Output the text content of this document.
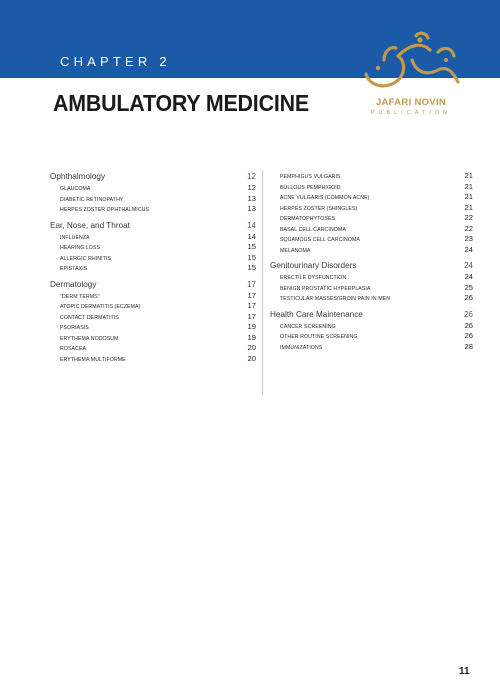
CHAPTER 2
AMBULATORY MEDICINE	JAFARI NOVIN
PUBLICATION
Ophthalmology	12
GLAUCOMA	12
DIABETIC RETINOPATHY	13
HERPES ZOSTER OPHTHALMICUS	13
Ear, Nose, and Throat	14
INFLUENZA	14
HEARING LOSS	15
ALLERGIC RHINITIS	15
EPISTAXIS	15
Dermatology	17
"DERM TERMS"	17
ATOPIC DERMATITIS (ECZEMA)	17
CONTACT DERMATITIS	17
PSORIASIS	19
ERYTHEMA NODOSUM	19
ROSACEA	20
ERYTHEMA MULTIFORME	20
PEMPHIGUS VULGARIS	21
BULLOUS PEMPHIGOID	21
ACNE VULGARIS (COMMON ACNE)	21
HERPES ZOSTER (SHINGLES)	21
DERMATOPHYTOSES	22
BASAL CELL CARCINOMA	22
SQUAMOUS CELL CARCINOMA	23
MELANOMA	24
Genitourinary Disorders	24
ERECTILE DYSFUNCTION	24
BENIGN PROSTATIC HYPERPLASIA	25
TESTICULAR MASSES/GROIN PAIN IN MEN	26
Health Care Maintenance	26
CANCER SCREENING	26
OTHER ROUTINE SCREENING	26
IMMUNIZATIONS	28
11
